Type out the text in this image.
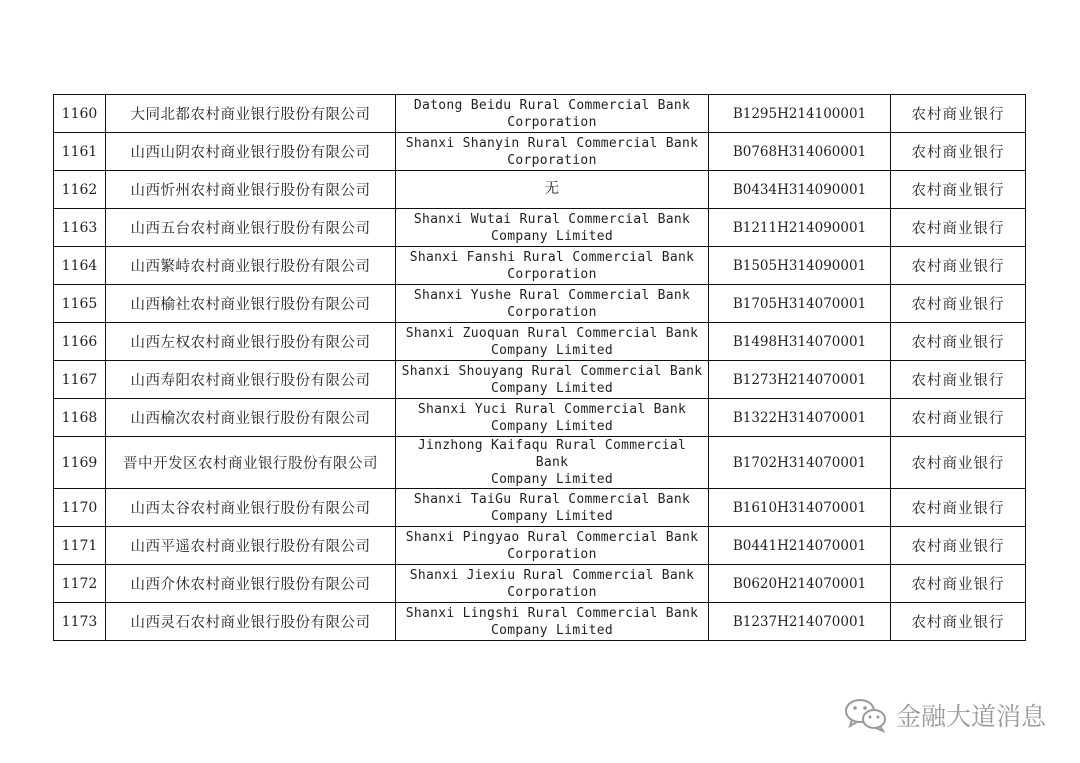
1160	大同北都农村商业银行股份有限公司	Datong Beidu Rural Commercial Bank
Corporation	B1295H214100001	农村商业银行
1161	山西山阴农村商业银行股份有限公司	Shanxi Shanyin Rural Commercial Bank
Corporation	B0768H314060001	农村商业银行
1162	山西忻州农村商业银行股份有限公司	无	B0434H314090001	农村商业银行
1163	山西五台农村商业银行股份有限公司	Shanxi Wutai Rural Commercial Bank
Company Limited	B1211H214090001	农村商业银行
1164	山西繁峙农村商业银行股份有限公司	Shanxi Fanshi Rural Commercial Bank
Corporation	B1505H314090001	农村商业银行
1165	山西榆社农村商业银行股份有限公司	Shanxi Yushe Rural Commercial Bank
Corporation	B1705H314070001	农村商业银行
1166	山西左权农村商业银行股份有限公司	Shanxi Zuoquan Rural Commercial Bank
Company Limited	B1498H314070001	农村商业银行
1167	山西寿阳农村商业银行股份有限公司	Shanxi Shouyang Rural Commercial Bank
Company Limited	B1273H214070001	农村商业银行
1168	山西榆次农村商业银行股份有限公司	Shanxi Yuci Rural Commercial Bank
Company Limited	B1322H314070001	农村商业银行
1169	晋中开发区农村商业银行股份有限公司	Jinzhong Kaifaqu Rural Commercial Bank
Company Limited	B1702H314070001	农村商业银行
1170	山西太谷农村商业银行股份有限公司	Shanxi TaiGu Rural Commercial Bank
Company Limited	B1610H314070001	农村商业银行
1171	山西平遥农村商业银行股份有限公司	Shanxi Pingyao Rural Commercial Bank
Corporation	B0441H214070001	农村商业银行
1172	山西介休农村商业银行股份有限公司	Shanxi Jiexiu Rural Commercial Bank
Corporation	B0620H214070001	农村商业银行
1173	山西灵石农村商业银行股份有限公司	Shanxi Lingshi Rural Commercial Bank
Company Limited	B1237H214070001	农村商业银行
金融大道消息
